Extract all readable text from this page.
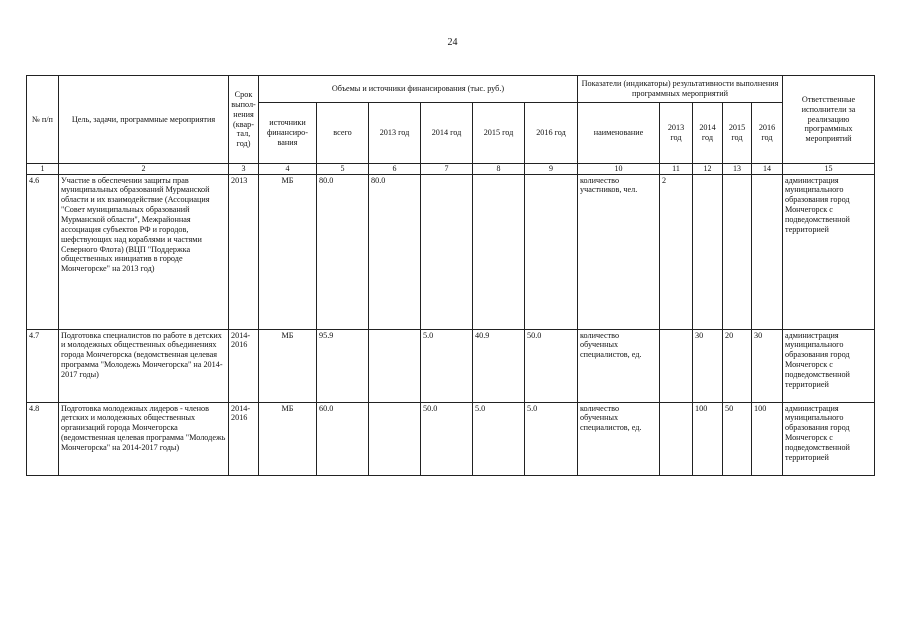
24
№ п/п	Цель, задачи, программные мероприятия	Срок выпол-нения (квар-тал, год)	Объемы и источники финансирования (тыс. руб.)						Показатели (индикаторы) результативности выполнения программных мероприятий					Ответственные исполнители за реализацию программных мероприятий
			источники финансиро-вания	всего	2013 год	2014 год	2015 год	2016 год	наименование	2013 год	2014 год	2015 год	2016 год	
1	2	3	4	5	6	7	8	9	10	11	12	13	14	15
4.6	Участие в обеспечении защиты прав муниципальных образований Мурманской области и их взаимодействие (Ассоциация "Совет муниципальных образований Мурманской области", Межрайонная ассоциация субъектов РФ и городов, шефствующих над кораблями и частями Северного Флота) (ВЦП "Поддержка общественных инициатив в городе Мончегорске" на 2013 год)	2013	МБ	80.0	80.0				количество участников, чел.	2				администрация муниципального образования город Мончегорск с подведомственной территорией
4.7	Подготовка специалистов по работе в детских и молодежных общественных объединениях города Мончегорска (ведомственная целевая программа "Молодежь Мончегорска" на 2014-2017 годы)	2014-2016	МБ	95.9		5.0	40.9	50.0	количество обученных специалистов, ед.		30	20	30	администрация муниципального образования город Мончегорск с подведомственной территорией
4.8	Подготовка молодежных лидеров - членов детских и молодежных общественных организаций города Мончегорска (ведомственная целевая программа "Молодежь Мончегорска" на 2014-2017 годы)	2014-2016	МБ	60.0		50.0	5.0	5.0	количество обученных специалистов, ед.		100	50	100	администрация муниципального образования город Мончегорск с подведомственной территорией
